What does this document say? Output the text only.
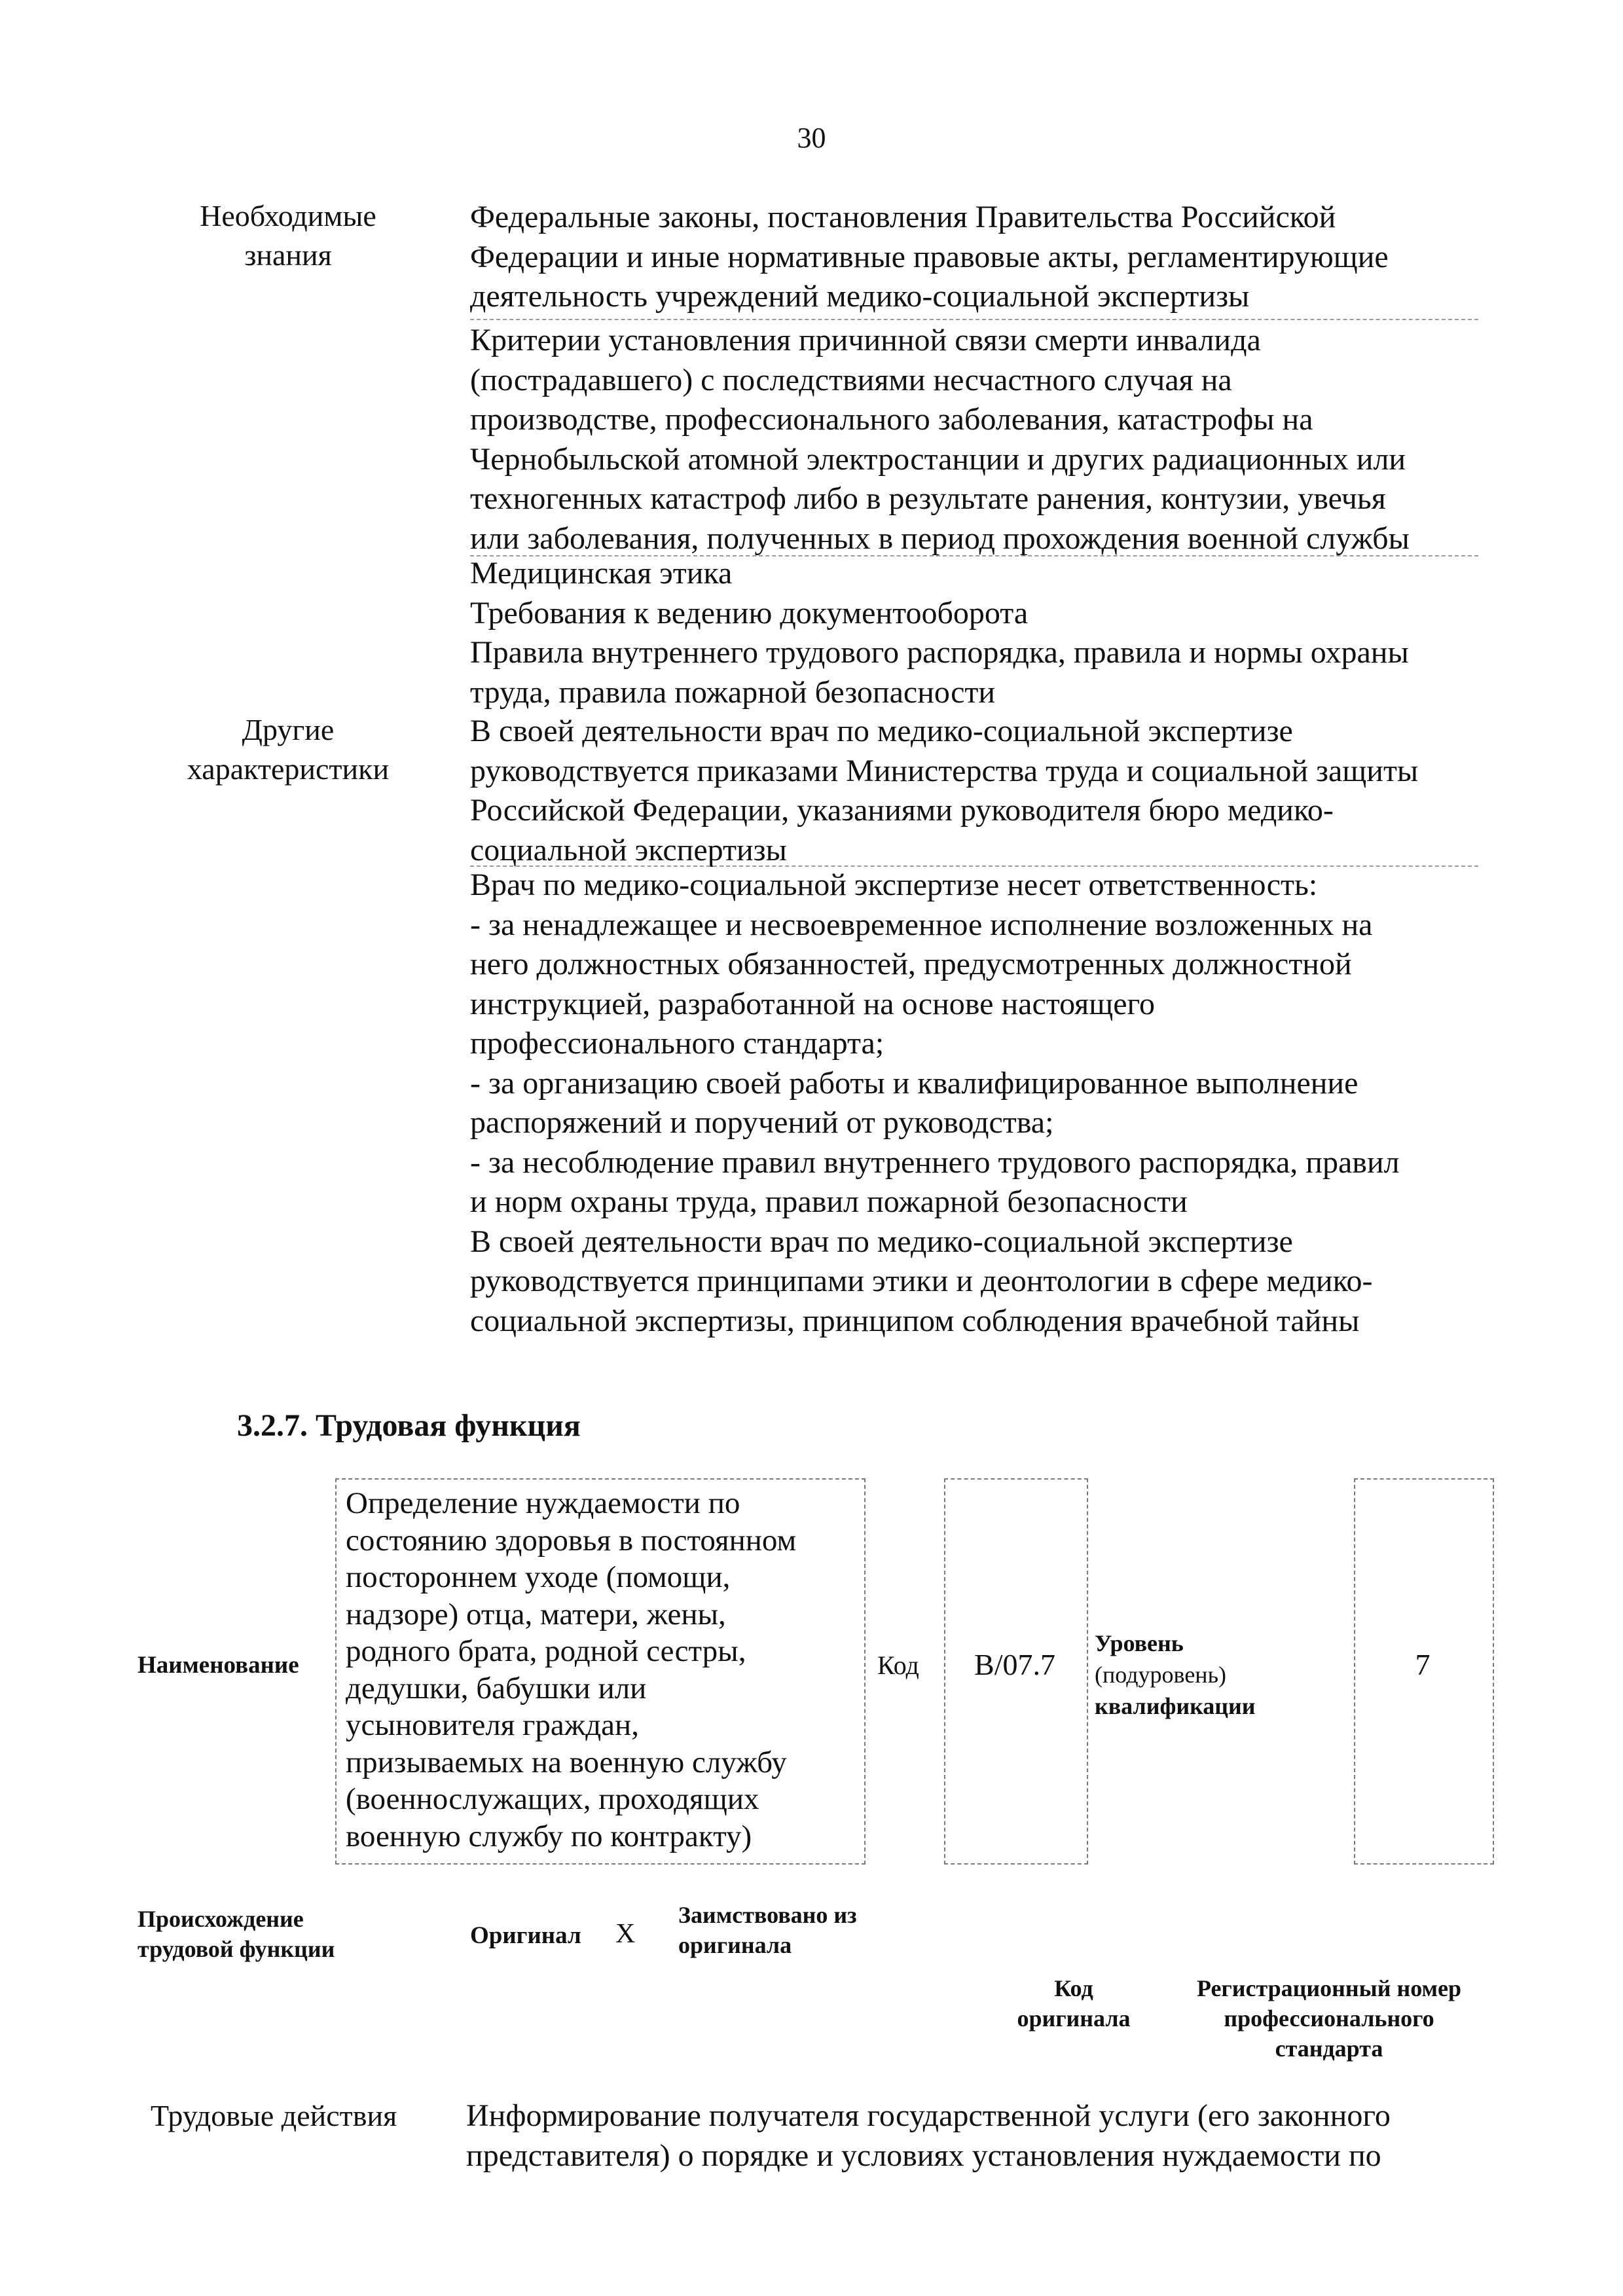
30
Необходимые
знания
Федеральные законы, постановления Правительства Российской
Федерации и иные нормативные правовые акты, регламентирующие
деятельность учреждений медико-социальной экспертизы
Критерии установления причинной связи смерти инвалида
(пострадавшего) с последствиями несчастного случая на
производстве, профессионального заболевания, катастрофы на
Чернобыльской атомной электростанции и других радиационных или
техногенных катастроф либо в результате ранения, контузии, увечья
или заболевания, полученных в период прохождения военной службы
Медицинская этика
Требования к ведению документооборота
Правила внутреннего трудового распорядка, правила и нормы охраны
труда, правила пожарной безопасности
Другие
характеристики
В своей деятельности врач по медико-социальной экспертизе
руководствуется приказами Министерства труда и социальной защиты
Российской Федерации, указаниями руководителя бюро медико-
социальной экспертизы
Врач по медико-социальной экспертизе несет ответственность:
- за ненадлежащее и несвоевременное исполнение возложенных на
него должностных обязанностей, предусмотренных должностной
инструкцией, разработанной на основе настоящего
профессионального стандарта;
- за организацию своей работы и квалифицированное выполнение
распоряжений и поручений от руководства;
- за несоблюдение правил внутреннего трудового распорядка, правил
и норм охраны труда, правил пожарной безопасности
В своей деятельности врач по медико-социальной экспертизе
руководствуется принципами этики и деонтологии в сфере медико-
социальной экспертизы, принципом соблюдения врачебной тайны
3.2.7. Трудовая функция
Наименование
Определение нуждаемости по
состоянию здоровья в постоянном
постороннем уходе (помощи,
надзоре) отца, матери, жены,
родного брата, родной сестры,
дедушки, бабушки или
усыновителя граждан,
призываемых на военную службу
(военнослужащих, проходящих
военную службу по контракту)
Код	B/07.7
Уровень
(подуровень)
квалификации
7
Происхождение
трудовой функции	Оригинал X
Заимствовано из
оригинала
Код
оригинала
Регистрационный номер
профессионального
стандарта
Трудовые действия Информирование получателя государственной услуги (его законного
представителя) о порядке и условиях установления нуждаемости по
